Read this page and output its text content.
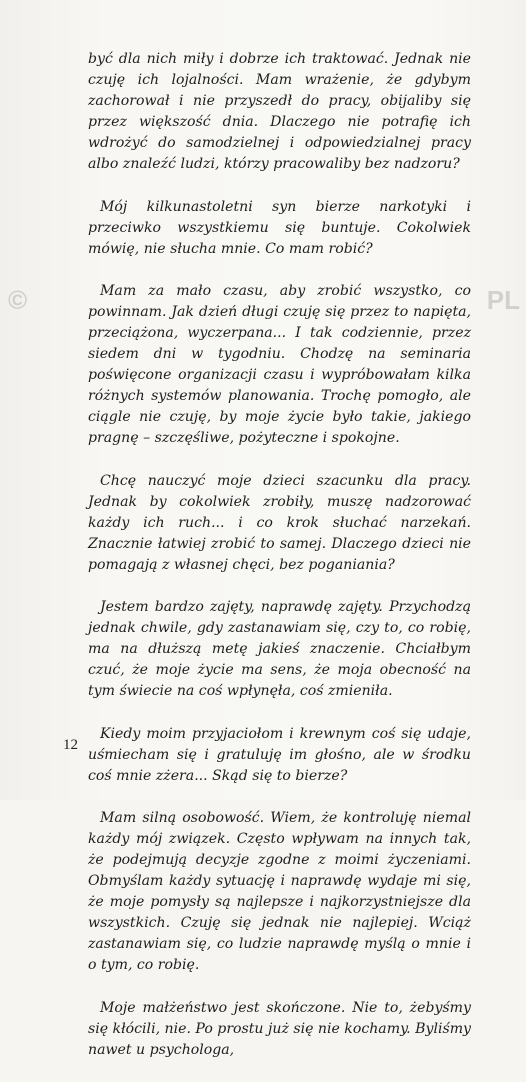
©	PL

być dla nich miły i dobrze ich traktować. Jednak nie czuję ich lojalności. Mam wrażenie, że gdybym zachorował i nie przyszedł do pracy, obijaliby się przez większość dnia. Dlaczego nie potrafię ich wdrożyć do samodzielnej i odpowiedzialnej pracy albo znaleźć ludzi, którzy pracowaliby bez nadzoru?

Mój kilkunastoletni syn bierze narkotyki i przeciwko wszystkiemu się buntuje. Cokolwiek mówię, nie słucha mnie. Co mam robić?

Mam za mało czasu, aby zrobić wszystko, co powinnam. Jak dzień długi czuję się przez to napięta, przeciążona, wyczerpana... I tak codziennie, przez siedem dni w tygodniu. Chodzę na seminaria poświęcone organizacji czasu i wypróbowałam kilka różnych systemów planowania. Trochę pomogło, ale ciągle nie czuję, by moje życie było takie, jakiego pragnę – szczęśliwe, pożyteczne i spokojne.

Chcę nauczyć moje dzieci szacunku dla pracy. Jednak by cokolwiek zrobiły, muszę nadzorować każdy ich ruch... i co krok słuchać narzekań. Znacznie łatwiej zrobić to samej. Dlaczego dzieci nie pomagają z własnej chęci, bez poganiania?

Jestem bardzo zajęty, naprawdę zajęty. Przychodzą jednak chwile, gdy zastanawiam się, czy to, co robię, ma na dłuższą metę jakieś znaczenie. Chciałbym czuć, że moje życie ma sens, że moja obecność na tym świecie na coś wpłynęła, coś zmieniła.

Kiedy moim przyjaciołom i krewnym coś się udaje, uśmiecham się i gratuluję im głośno, ale w środku coś mnie zżera... Skąd się to bierze?

Mam silną osobowość. Wiem, że kontroluję niemal każdy mój związek. Często wpływam na innych tak, że podejmują decyzje zgodne z moimi życzeniami. Obmyślam każdy sytuację i naprawdę wydaje mi się, że moje pomysły są najlepsze i najkorzystniejsze dla wszystkich. Czuję się jednak nie najlepiej. Wciąż zastanawiam się, co ludzie naprawdę myślą o mnie i o tym, co robię.

Moje małżeństwo jest skończone. Nie to, żebyśmy się kłócili, nie. Po prostu już się nie kochamy. Byliśmy nawet u psychologa,

12
